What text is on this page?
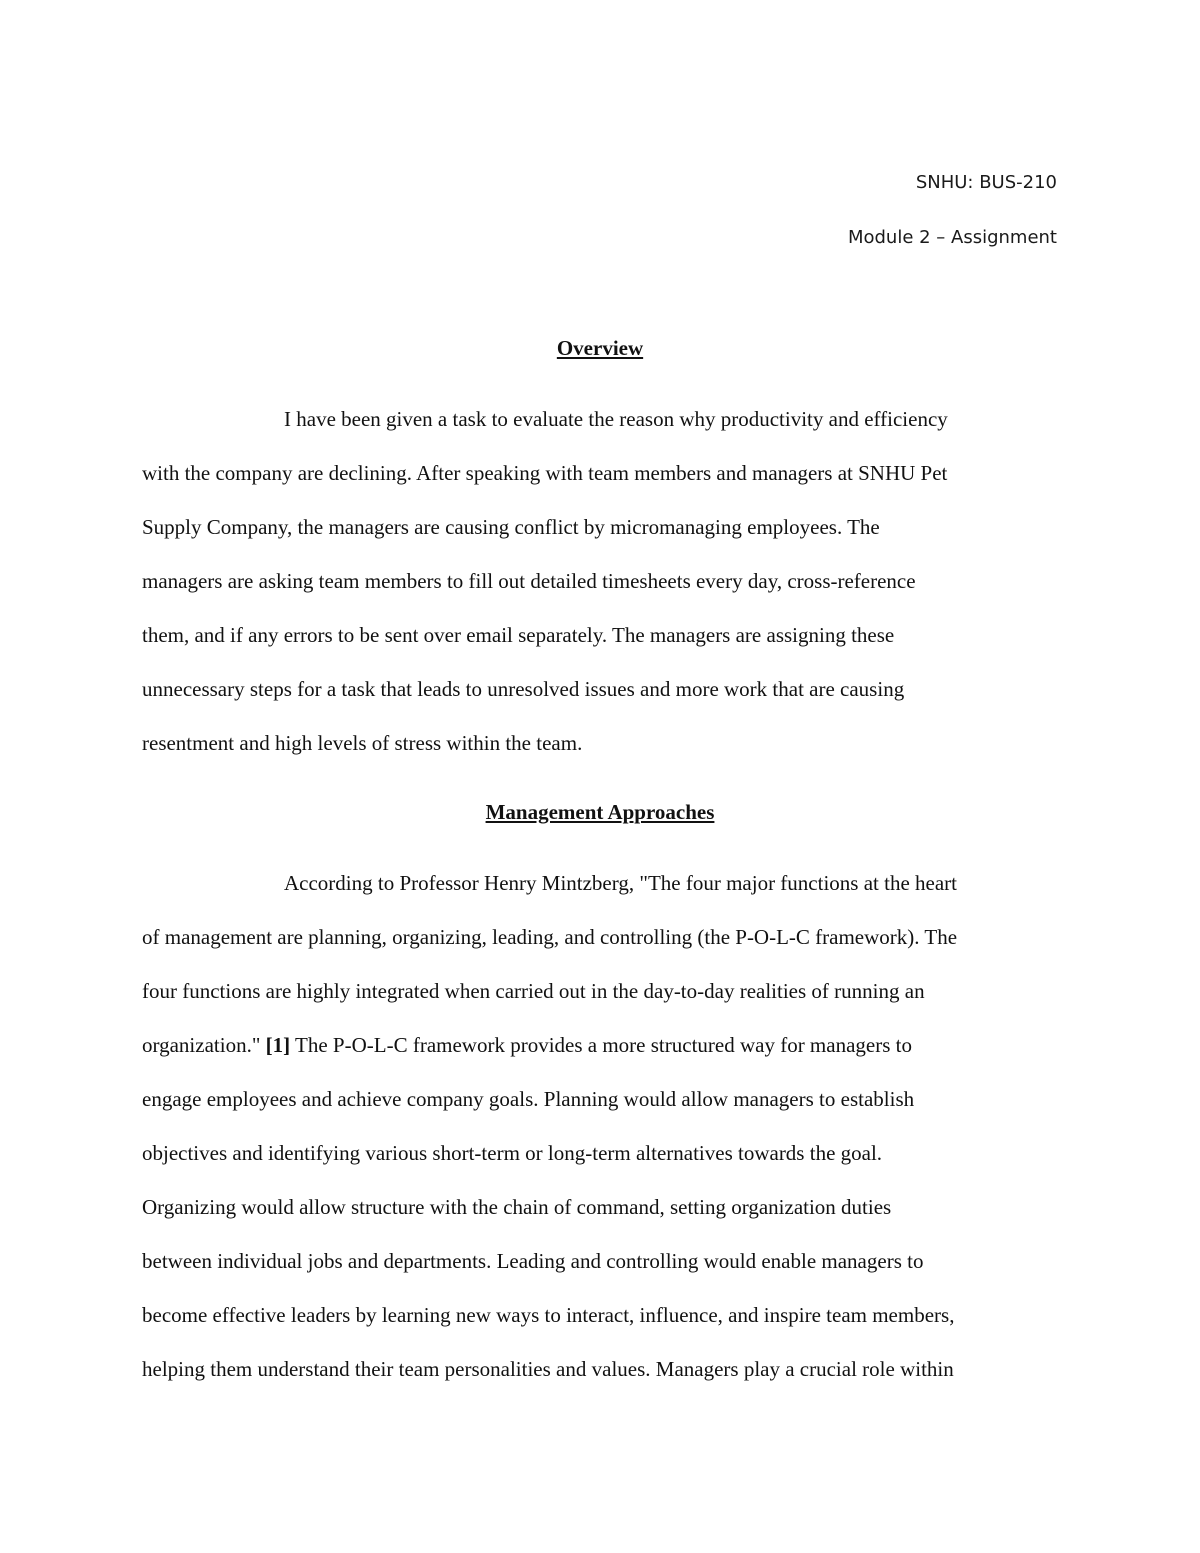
SNHU: BUS-210
Module 2 – Assignment
Overview
I have been given a task to evaluate the reason why productivity and efficiency
with the company are declining. After speaking with team members and managers at SNHU Pet
Supply Company, the managers are causing conflict by micromanaging employees. The
managers are asking team members to fill out detailed timesheets every day, cross-reference
them, and if any errors to be sent over email separately. The managers are assigning these
unnecessary steps for a task that leads to unresolved issues and more work that are causing
resentment and high levels of stress within the team.
Management Approaches
According to Professor Henry Mintzberg, "The four major functions at the heart
of management are planning, organizing, leading, and controlling (the P-O-L-C framework). The
four functions are highly integrated when carried out in the day-to-day realities of running an
organization." [1] The P-O-L-C framework provides a more structured way for managers to
engage employees and achieve company goals. Planning would allow managers to establish
objectives and identifying various short-term or long-term alternatives towards the goal.
Organizing would allow structure with the chain of command, setting organization duties
between individual jobs and departments. Leading and controlling would enable managers to
become effective leaders by learning new ways to interact, influence, and inspire team members,
helping them understand their team personalities and values. Managers play a crucial role within
